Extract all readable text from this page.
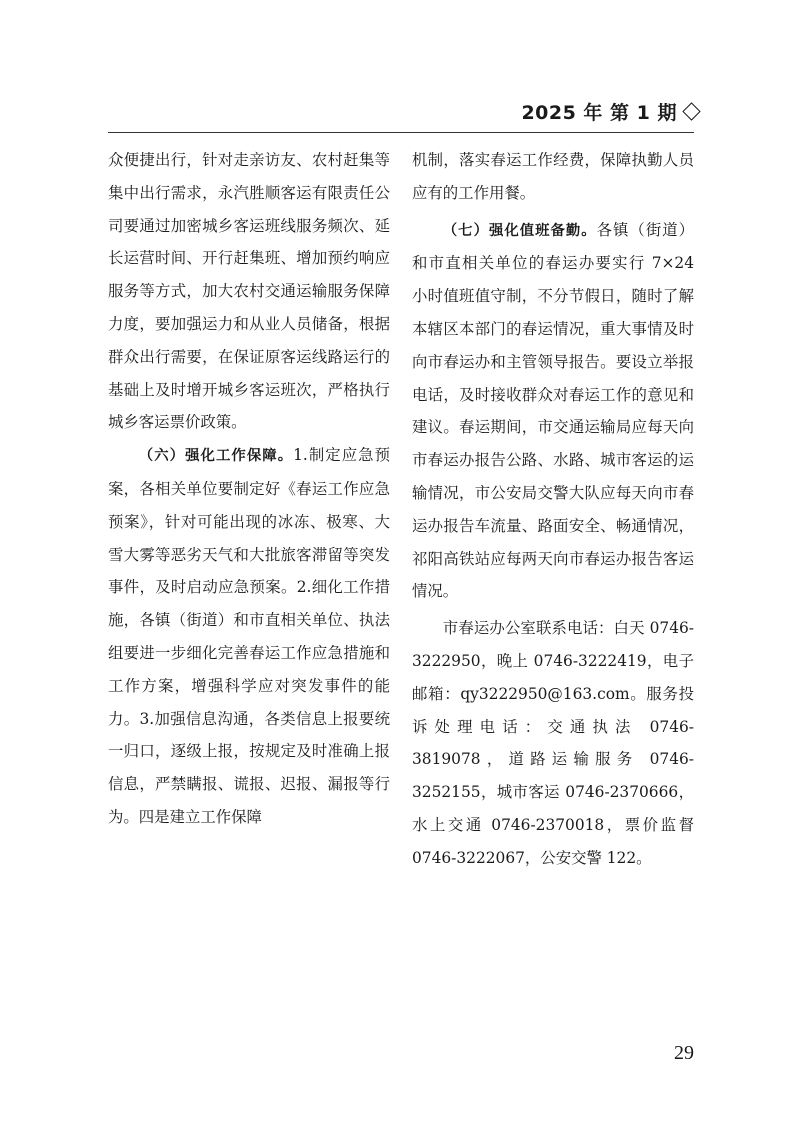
2025 年 第 1 期

众便捷出行，针对走亲访友、农村赶集等集中出行需求，永汽胜顺客运有限责任公司要通过加密城乡客运班线服务频次、延长运营时间、开行赶集班、增加预约响应服务等方式，加大农村交通运输服务保障力度，要加强运力和从业人员储备，根据群众出行需要，在保证原客运线路运行的基础上及时增开城乡客运班次，严格执行城乡客运票价政策。

（六）强化工作保障。1.制定应急预案，各相关单位要制定好《春运工作应急预案》，针对可能出现的冰冻、极寒、大雪大雾等恶劣天气和大批旅客滞留等突发事件，及时启动应急预案。2.细化工作措施，各镇（街道）和市直相关单位、执法组要进一步细化完善春运工作应急措施和工作方案，增强科学应对突发事件的能力。3.加强信息沟通，各类信息上报要统一归口，逐级上报，按规定及时准确上报信息，严禁瞒报、谎报、迟报、漏报等行为。四是建立工作保障

机制，落实春运工作经费，保障执勤人员应有的工作用餐。

（七）强化值班备勤。各镇（街道）和市直相关单位的春运办要实行 7×24 小时值班值守制，不分节假日，随时了解本辖区本部门的春运情况，重大事情及时向市春运办和主管领导报告。要设立举报电话，及时接收群众对春运工作的意见和建议。春运期间，市交通运输局应每天向市春运办报告公路、水路、城市客运的运输情况，市公安局交警大队应每天向市春运办报告车流量、路面安全、畅通情况，祁阳高铁站应每两天向市春运办报告客运情况。

市春运办公室联系电话：白天 0746-3222950，晚上 0746-3222419，电子邮箱：qy3222950@163.com。服务投诉处理电话：交通执法 0746-3819078，道路运输服务 0746-3252155，城市客运 0746-2370666，水上交通 0746-2370018，票价监督 0746-3222067，公安交警 122。

29
